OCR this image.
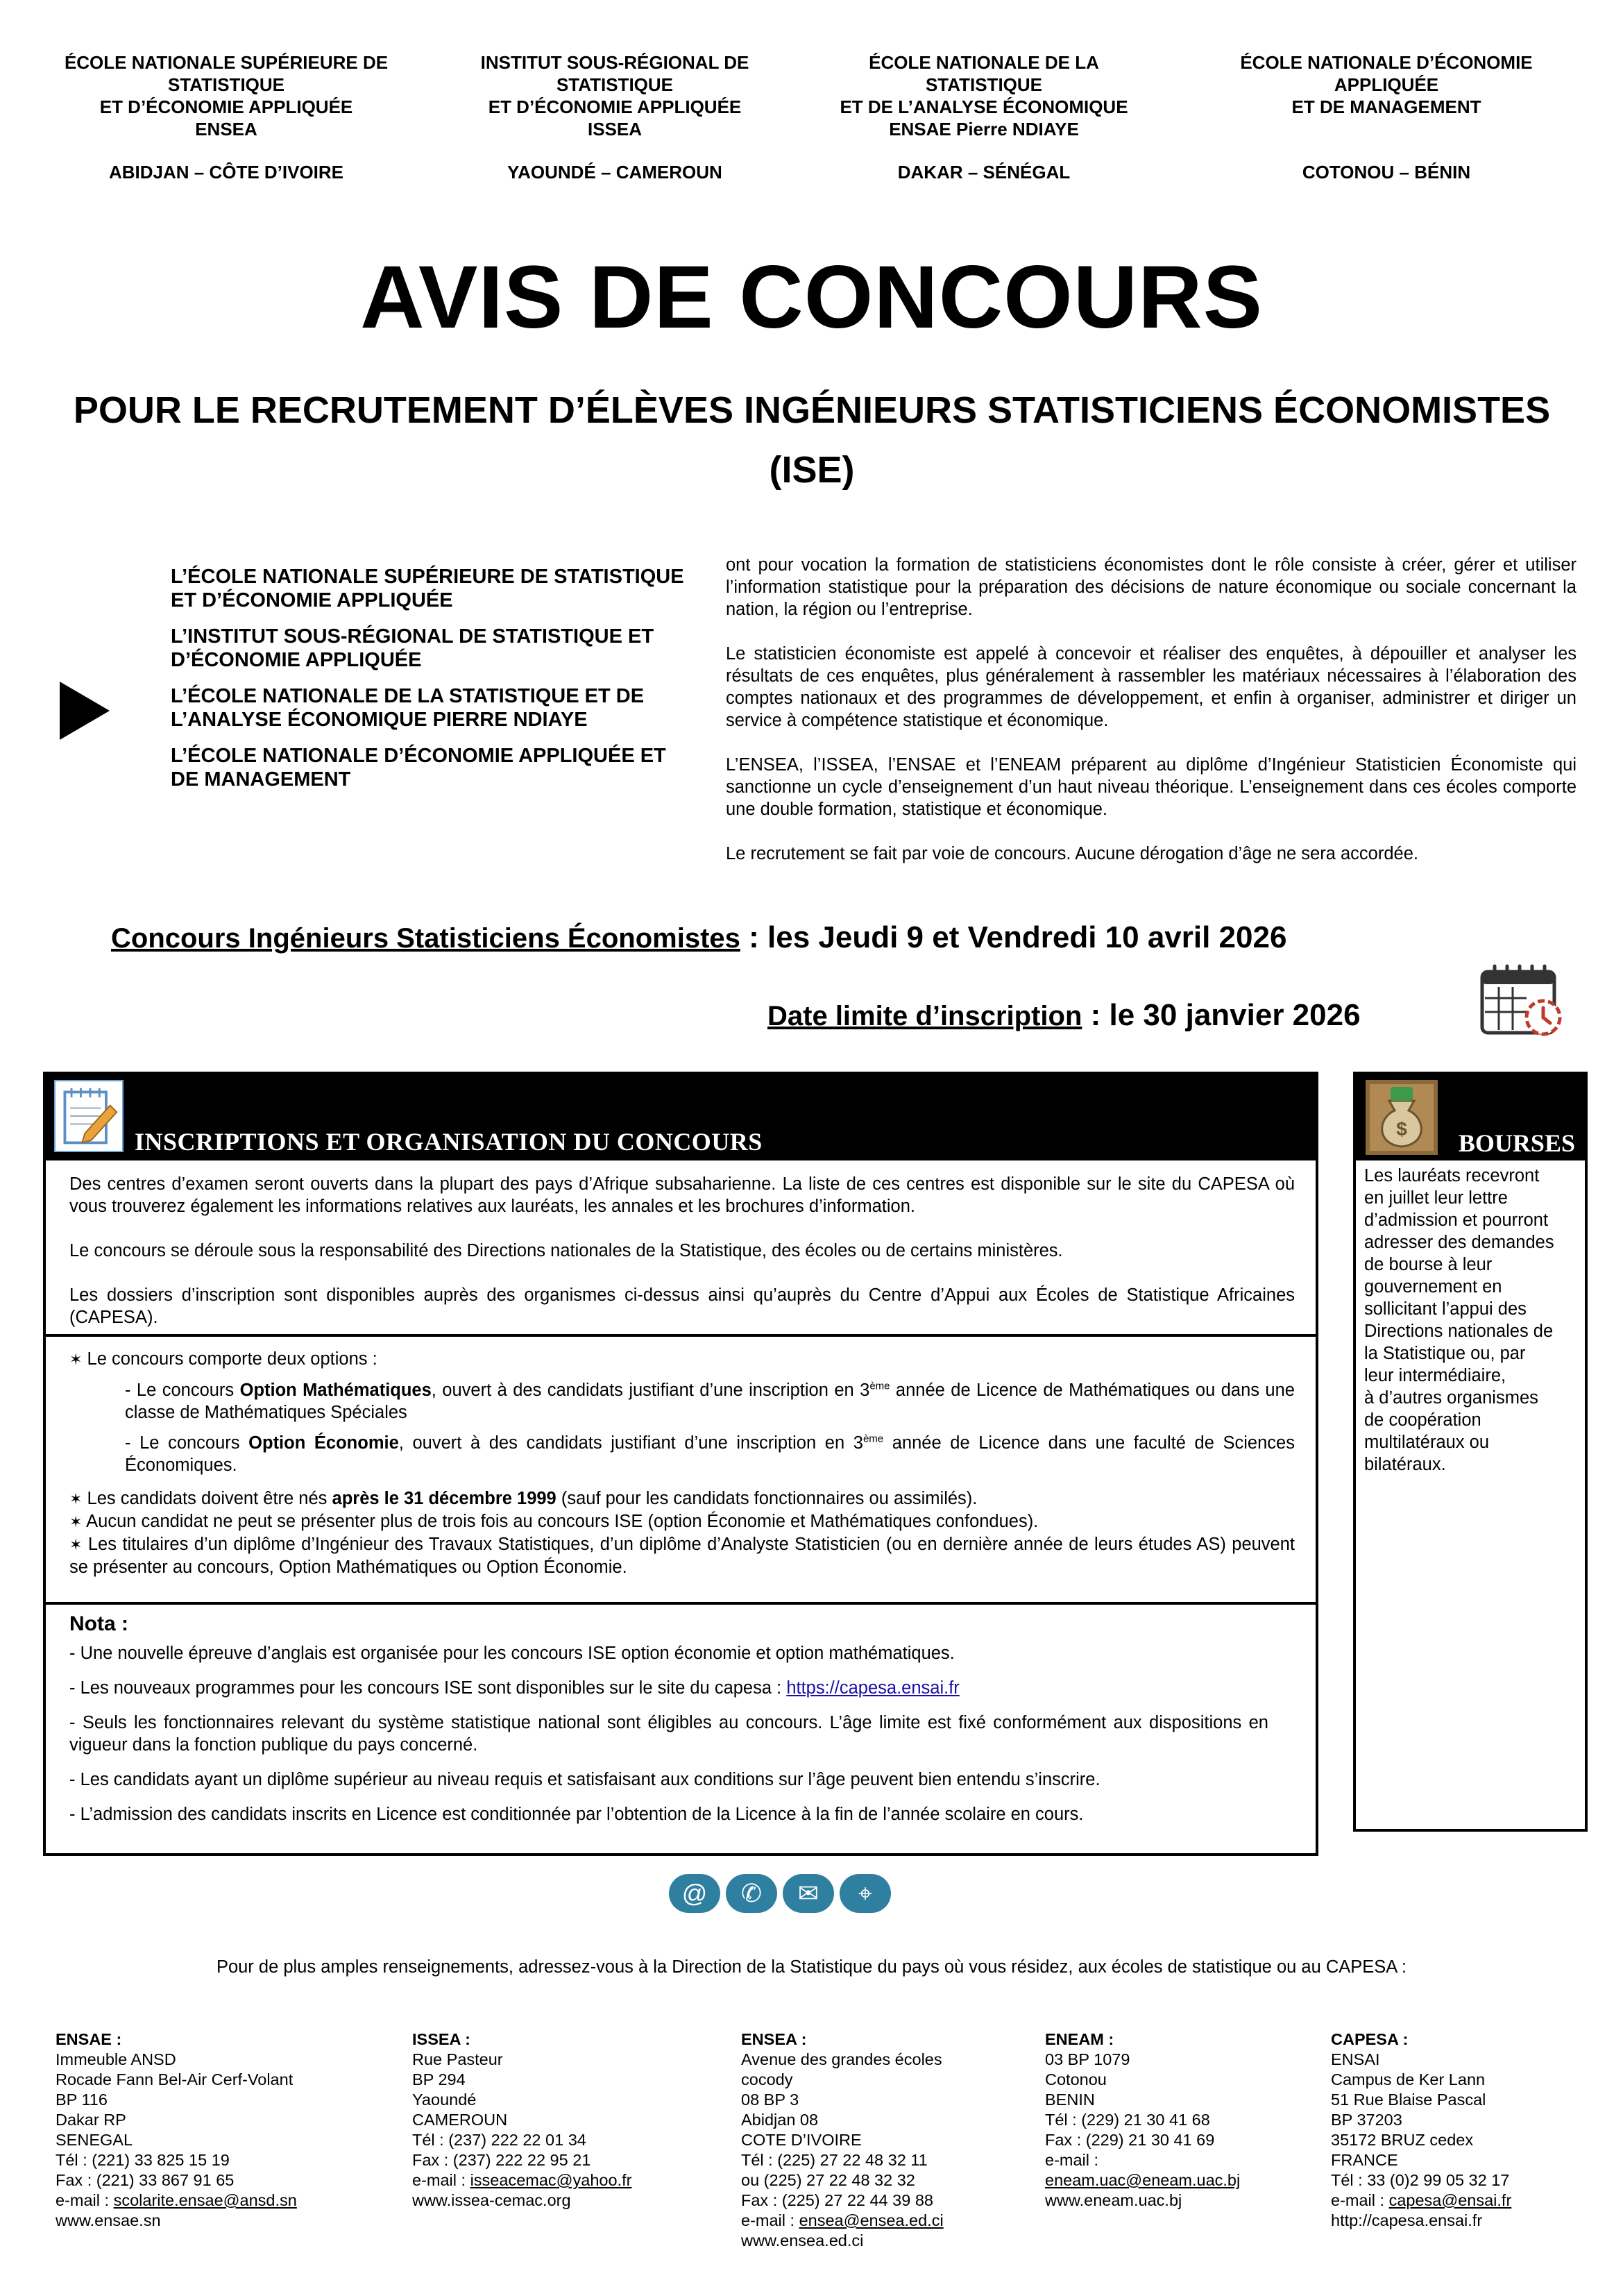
ÉCOLE NATIONALE SUPÉRIEURE DE
STATISTIQUE
ET D’ÉCONOMIE APPLIQUÉE
ENSEA
ABIDJAN – CÔTE D’IVOIRE
INSTITUT SOUS-RÉGIONAL DE
STATISTIQUE
ET D’ÉCONOMIE APPLIQUÉE
ISSEA
YAOUNDÉ – CAMEROUN
ÉCOLE NATIONALE DE LA
STATISTIQUE
ET DE L’ANALYSE ÉCONOMIQUE
ENSAE Pierre NDIAYE
DAKAR – SÉNÉGAL
ÉCOLE NATIONALE D’ÉCONOMIE
APPLIQUÉE
ET DE MANAGEMENT
COTONOU – BÉNIN
AVIS DE CONCOURS
POUR LE RECRUTEMENT D’ÉLÈVES INGÉNIEURS STATISTICIENS ÉCONOMISTES
(ISE)
L’ÉCOLE NATIONALE SUPÉRIEURE DE STATISTIQUE ET D’ÉCONOMIE APPLIQUÉE
L’INSTITUT SOUS-RÉGIONAL DE STATISTIQUE ET D’ÉCONOMIE APPLIQUÉE
L’ÉCOLE NATIONALE DE LA STATISTIQUE ET DE L’ANALYSE ÉCONOMIQUE PIERRE NDIAYE
L’ÉCOLE NATIONALE D’ÉCONOMIE APPLIQUÉE ET DE MANAGEMENT

ont pour vocation la formation de statisticiens économistes dont le rôle consiste à créer, gérer et utiliser l’information statistique pour la préparation des décisions de nature économique ou sociale concernant la nation, la région ou l’entreprise.

Le statisticien économiste est appelé à concevoir et réaliser des enquêtes, à dépouiller et analyser les résultats de ces enquêtes, plus généralement à rassembler les matériaux nécessaires à l’élaboration des comptes nationaux et des programmes de développement, et enfin à organiser, administrer et diriger un service à compétence statistique et économique.

L’ENSEA, l’ISSEA, l’ENSAE et l’ENEAM préparent au diplôme d’Ingénieur Statisticien Économiste qui sanctionne un cycle d’enseignement d’un haut niveau théorique. L’enseignement dans ces écoles comporte une double formation, statistique et économique.

Le recrutement se fait par voie de concours. Aucune dérogation d’âge ne sera accordée.

Concours Ingénieurs Statisticiens Économistes : les Jeudi 9 et Vendredi 10 avril 2026
Date limite d’inscription : le 30 janvier 2026
INSCRIPTIONS ET ORGANISATION DU CONCOURS

Des centres d’examen seront ouverts dans la plupart des pays d’Afrique subsaharienne. La liste de ces centres est disponible sur le site du CAPESA où vous trouverez également les informations relatives aux lauréats, les annales et les brochures d’information.

Le concours se déroule sous la responsabilité des Directions nationales de la Statistique, des écoles ou de certains ministères.

Les dossiers d’inscription sont disponibles auprès des organismes ci-dessus ainsi qu’auprès du Centre d’Appui aux Écoles de Statistique Africaines (CAPESA).

✶ Le concours comporte deux options :

- Le concours Option Mathématiques, ouvert à des candidats justifiant d’une inscription en 3ème année de Licence de Mathématiques ou dans une classe de Mathématiques Spéciales

- Le concours Option Économie, ouvert à des candidats justifiant d’une inscription en 3ème année de Licence dans une faculté de Sciences Économiques.

✶ Les candidats doivent être nés après le 31 décembre 1999 (sauf pour les candidats fonctionnaires ou assimilés).

✶ Aucun candidat ne peut se présenter plus de trois fois au concours ISE (option Économie et Mathématiques confondues).

✶ Les titulaires d’un diplôme d’Ingénieur des Travaux Statistiques, d’un diplôme d’Analyste Statisticien (ou en dernière année de leurs études AS) peuvent se présenter au concours, Option Mathématiques ou Option Économie.

Nota :

- Une nouvelle épreuve d’anglais est organisée pour les concours ISE option économie et option mathématiques.

- Les nouveaux programmes pour les concours ISE sont disponibles sur le site du capesa : https://capesa.ensai.fr

- Seuls les fonctionnaires relevant du système statistique national sont éligibles au concours. L’âge limite est fixé conformément aux dispositions en vigueur dans la fonction publique du pays concerné.

- Les candidats ayant un diplôme supérieur au niveau requis et satisfaisant aux conditions sur l’âge peuvent bien entendu s’inscrire.

- L’admission des candidats inscrits en Licence est conditionnée par l’obtention de la Licence à la fin de l’année scolaire en cours.

$
BOURSES
Les lauréats recevront
en juillet leur lettre
d’admission et pourront
adresser des demandes
de bourse à leur
gouvernement en
sollicitant l’appui des
Directions nationales de
la Statistique ou, par
leur intermédiaire,
à d’autres organismes
de coopération
multilatéraux ou
bilatéraux.
@	✆	✉	⌖
Pour de plus amples renseignements, adressez-vous à la Direction de la Statistique du pays où vous résidez, aux écoles de statistique ou au CAPESA :
ENSAE :
Immeuble ANSD
Rocade Fann Bel-Air Cerf-Volant
BP 116
Dakar RP
SENEGAL
Tél : (221) 33 825 15 19
Fax : (221) 33 867 91 65
e-mail : scolarite.ensae@ansd.sn
www.ensae.sn
ISSEA :
Rue Pasteur
BP 294
Yaoundé
CAMEROUN
Tél : (237) 222 22 01 34
Fax : (237) 222 22 95 21
e-mail : isseacemac@yahoo.fr
www.issea-cemac.org
ENSEA :
Avenue des grandes écoles
cocody
08 BP 3
Abidjan 08
COTE D’IVOIRE
Tél : (225) 27 22 48 32 11
ou (225) 27 22 48 32 32
Fax : (225) 27 22 44 39 88
e-mail : ensea@ensea.ed.ci
www.ensea.ed.ci
ENEAM :
03 BP 1079
Cotonou
BENIN
Tél : (229) 21 30 41 68
Fax : (229) 21 30 41 69
e-mail :
eneam.uac@eneam.uac.bj
www.eneam.uac.bj
CAPESA :
ENSAI
Campus de Ker Lann
51 Rue Blaise Pascal
BP 37203
35172 BRUZ cedex
FRANCE
Tél : 33 (0)2 99 05 32 17
e-mail : capesa@ensai.fr
http://capesa.ensai.fr
